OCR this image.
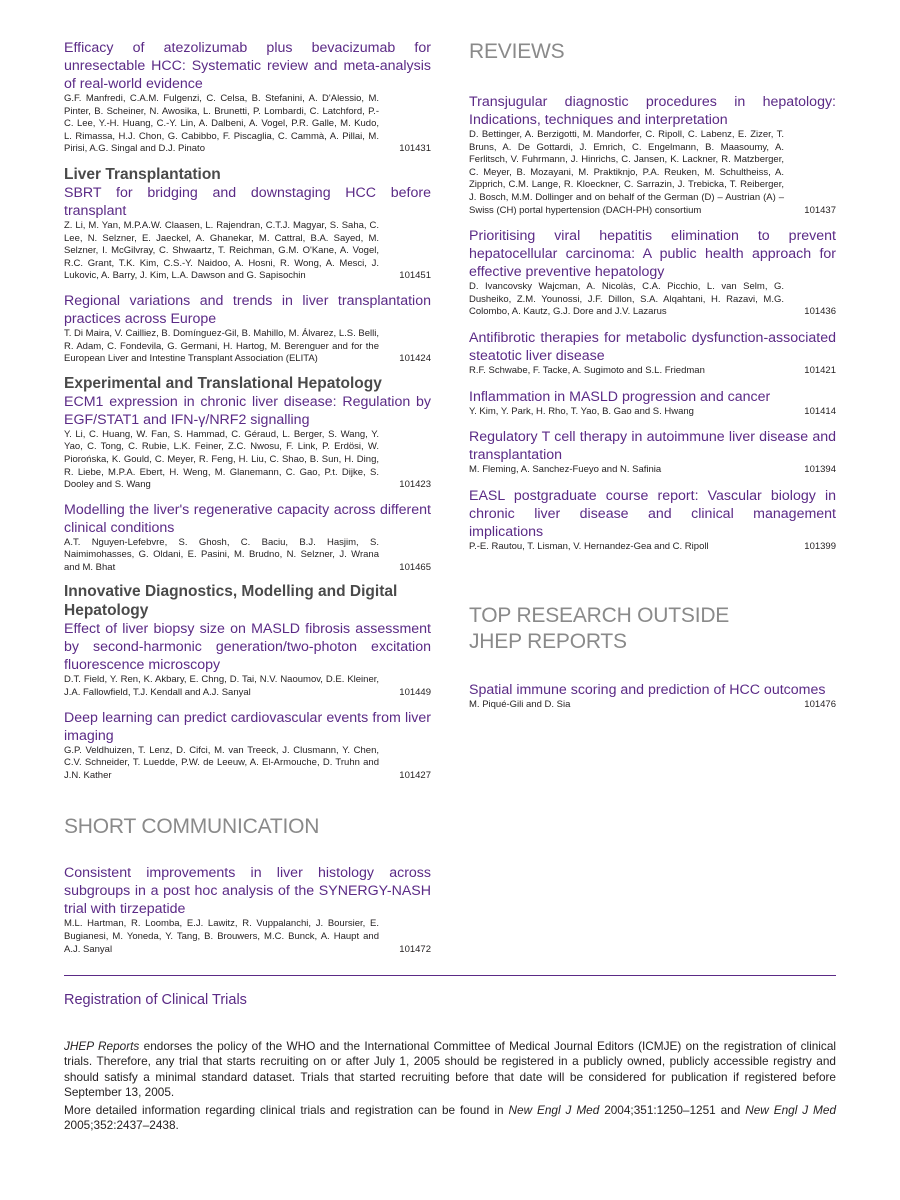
Efficacy of atezolizumab plus bevacizumab for unresectable HCC: Systematic review and meta-analysis of real-world evidence
G.F. Manfredi, C.A.M. Fulgenzi, C. Celsa, B. Stefanini, A. D'Alessio, M. Pinter, B. Scheiner, N. Awosika, L. Brunetti, P. Lombardi, C. Latchford, P.-C. Lee, Y.-H. Huang, C.-Y. Lin, A. Dalbeni, A. Vogel, P.R. Galle, M. Kudo, L. Rimassa, H.J. Chon, G. Cabibbo, F. Piscaglia, C. Cammà, A. Pillai, M. Pirisi, A.G. Singal and D.J. Pinato	101431
Liver Transplantation
SBRT for bridging and downstaging HCC before transplant
Z. Li, M. Yan, M.P.A.W. Claasen, L. Rajendran, C.T.J. Magyar, S. Saha, C. Lee, N. Selzner, E. Jaeckel, A. Ghanekar, M. Cattral, B.A. Sayed, M. Selzner, I. McGilvray, C. Shwaartz, T. Reichman, G.M. O'Kane, A. Vogel, R.C. Grant, T.K. Kim, C.S.-Y. Naidoo, A. Hosni, R. Wong, A. Mesci, J. Lukovic, A. Barry, J. Kim, L.A. Dawson and G. Sapisochin	101451
Regional variations and trends in liver transplantation practices across Europe
T. Di Maira, V. Cailliez, B. Domínguez-Gil, B. Mahillo, M. Álvarez, L.S. Belli, R. Adam, C. Fondevila, G. Germani, H. Hartog, M. Berenguer and for the European Liver and Intestine Transplant Association (ELITA)	101424
Experimental and Translational Hepatology
ECM1 expression in chronic liver disease: Regulation by EGF/STAT1 and IFN-γ/NRF2 signalling
Y. Li, C. Huang, W. Fan, S. Hammad, C. Géraud, L. Berger, S. Wang, Y. Yao, C. Tong, C. Rubie, L.K. Feiner, Z.C. Nwosu, F. Link, P. Erdösi, W. Piorońska, K. Gould, C. Meyer, R. Feng, H. Liu, C. Shao, B. Sun, H. Ding, R. Liebe, M.P.A. Ebert, H. Weng, M. Glanemann, C. Gao, P.t. Dijke, S. Dooley and S. Wang	101423
Modelling the liver's regenerative capacity across different clinical conditions
A.T. Nguyen-Lefebvre, S. Ghosh, C. Baciu, B.J. Hasjim, S. Naimimohasses, G. Oldani, E. Pasini, M. Brudno, N. Selzner, J. Wrana and M. Bhat	101465
Innovative Diagnostics, Modelling and Digital Hepatology
Effect of liver biopsy size on MASLD fibrosis assessment by second-harmonic generation/two-photon excitation fluorescence microscopy
D.T. Field, Y. Ren, K. Akbary, E. Chng, D. Tai, N.V. Naoumov, D.E. Kleiner, J.A. Fallowfield, T.J. Kendall and A.J. Sanyal	101449
Deep learning can predict cardiovascular events from liver imaging
G.P. Veldhuizen, T. Lenz, D. Cifci, M. van Treeck, J. Clusmann, Y. Chen, C.V. Schneider, T. Luedde, P.W. de Leeuw, A. El-Armouche, D. Truhn and J.N. Kather	101427
SHORT COMMUNICATION
Consistent improvements in liver histology across subgroups in a post hoc analysis of the SYNERGY-NASH trial with tirzepatide
M.L. Hartman, R. Loomba, E.J. Lawitz, R. Vuppalanchi, J. Boursier, E. Bugianesi, M. Yoneda, Y. Tang, B. Brouwers, M.C. Bunck, A. Haupt and A.J. Sanyal	101472
REVIEWS
Transjugular diagnostic procedures in hepatology: Indications, techniques and interpretation
D. Bettinger, A. Berzigotti, M. Mandorfer, C. Ripoll, C. Labenz, E. Zizer, T. Bruns, A. De Gottardi, J. Emrich, C. Engelmann, B. Maasoumy, A. Ferlitsch, V. Fuhrmann, J. Hinrichs, C. Jansen, K. Lackner, R. Matzberger, C. Meyer, B. Mozayani, M. Praktiknjo, P.A. Reuken, M. Schultheiss, A. Zipprich, C.M. Lange, R. Kloeckner, C. Sarrazin, J. Trebicka, T. Reiberger, J. Bosch, M.M. Dollinger and on behalf of the German (D) – Austrian (A) – Swiss (CH) portal hypertension (DACH-PH) consortium	101437
Prioritising viral hepatitis elimination to prevent hepatocellular carcinoma: A public health approach for effective preventive hepatology
D. Ivancovsky Wajcman, A. Nicolàs, C.A. Picchio, L. van Selm, G. Dusheiko, Z.M. Younossi, J.F. Dillon, S.A. Alqahtani, H. Razavi, M.G. Colombo, A. Kautz, G.J. Dore and J.V. Lazarus	101436
Antifibrotic therapies for metabolic dysfunction-associated steatotic liver disease
R.F. Schwabe, F. Tacke, A. Sugimoto and S.L. Friedman	101421
Inflammation in MASLD progression and cancer
Y. Kim, Y. Park, H. Rho, T. Yao, B. Gao and S. Hwang	101414
Regulatory T cell therapy in autoimmune liver disease and transplantation
M. Fleming, A. Sanchez-Fueyo and N. Safinia	101394
EASL postgraduate course report: Vascular biology in chronic liver disease and clinical management implications
P.-E. Rautou, T. Lisman, V. Hernandez-Gea and C. Ripoll	101399
TOP RESEARCH OUTSIDE JHEP REPORTS
Spatial immune scoring and prediction of HCC outcomes
M. Piqué-Gili and D. Sia	101476
Registration of Clinical Trials
JHEP Reports endorses the policy of the WHO and the International Committee of Medical Journal Editors (ICMJE) on the registration of clinical trials. Therefore, any trial that starts recruiting on or after July 1, 2005 should be registered in a publicly owned, publicly accessible registry and should satisfy a minimal standard dataset. Trials that started recruiting before that date will be considered for publication if registered before September 13, 2005.
More detailed information regarding clinical trials and registration can be found in New Engl J Med 2004;351:1250–1251 and New Engl J Med 2005;352:2437–2438.
